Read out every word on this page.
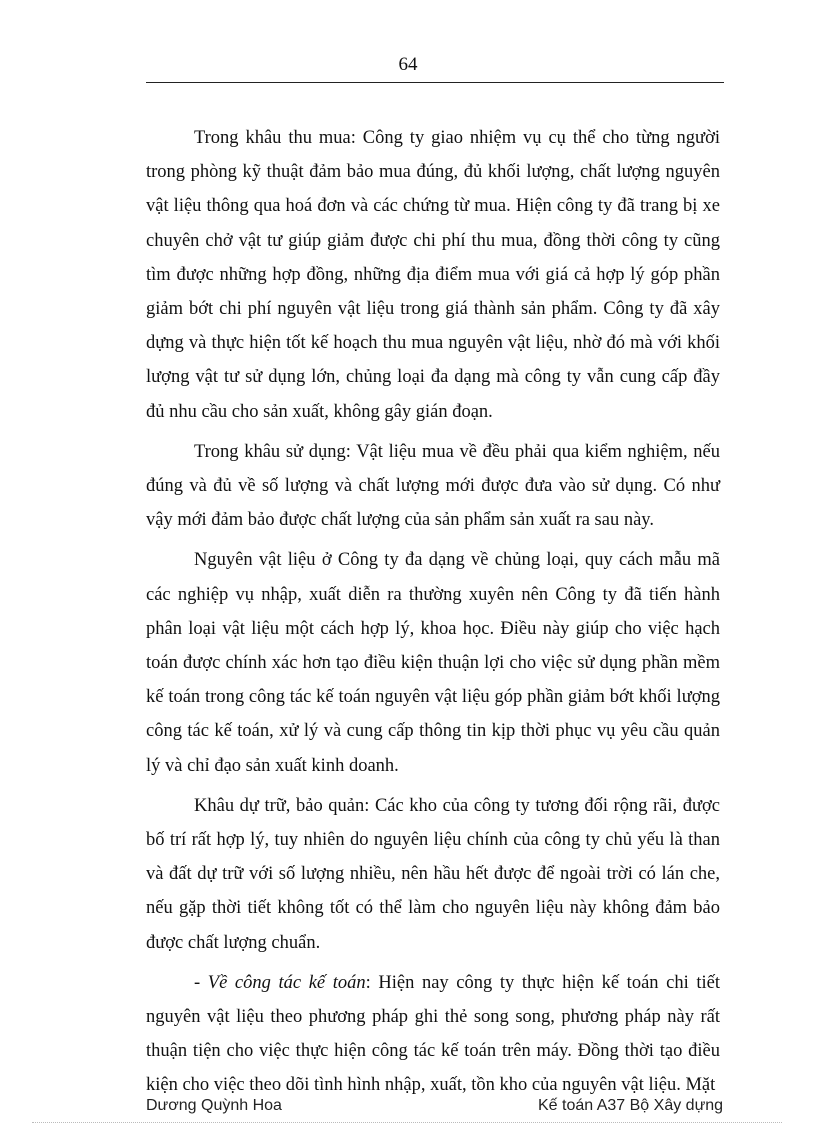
64

Trong khâu thu mua: Công ty giao nhiệm vụ cụ thể cho từng người trong phòng kỹ thuật đảm bảo mua đúng, đủ khối lượng, chất lượng nguyên vật liệu thông qua hoá đơn và các chứng từ mua. Hiện công ty đã trang bị xe chuyên chở vật tư giúp giảm được chi phí thu mua, đồng thời công ty cũng tìm được những hợp đồng, những địa điểm mua với giá cả hợp lý góp phần giảm bớt chi phí nguyên vật liệu trong giá thành sản phẩm. Công ty đã xây dựng và thực hiện tốt kế hoạch thu mua nguyên vật liệu, nhờ đó mà với khối lượng vật tư sử dụng lớn, chủng loại đa dạng mà công ty vẫn cung cấp đầy đủ nhu cầu cho sản xuất, không gây gián đoạn.

Trong khâu sử dụng: Vật liệu mua về đều phải qua kiểm nghiệm, nếu đúng và đủ về số lượng và chất lượng mới được đưa vào sử dụng. Có như vậy mới đảm bảo được chất lượng của sản phẩm sản xuất ra sau này.

Nguyên vật liệu ở Công ty đa dạng về chủng loại, quy cách mẫu mã các nghiệp vụ nhập, xuất diễn ra thường xuyên nên Công ty đã tiến hành phân loại vật liệu một cách hợp lý, khoa học. Điều này giúp cho việc hạch toán được chính xác hơn tạo điều kiện thuận lợi cho việc sử dụng phần mềm kế toán trong công tác kế toán nguyên vật liệu góp phần giảm bớt khối lượng công tác kế toán, xử lý và cung cấp thông tin kịp thời phục vụ yêu cầu quản lý và chỉ đạo sản xuất kinh doanh.

Khâu dự trữ, bảo quản: Các kho của công ty tương đối rộng rãi, được bố trí rất hợp lý, tuy nhiên do nguyên liệu chính của công ty chủ yếu là than và đất dự trữ với số lượng nhiều, nên hầu hết được để ngoài trời có lán che, nếu gặp thời tiết không tốt có thể làm cho nguyên liệu này không đảm bảo được chất lượng chuẩn.

- Về công tác kế toán: Hiện nay công ty thực hiện kế toán chi tiết nguyên vật liệu theo phương pháp ghi thẻ song song, phương pháp này rất thuận tiện cho việc thực hiện công tác kế toán trên máy. Đồng thời tạo điều kiện cho việc theo dõi tình hình nhập, xuất, tồn kho của nguyên vật liệu. Mặt

Dương Quỳnh Hoa	Kế toán A37 Bộ Xây dựng
